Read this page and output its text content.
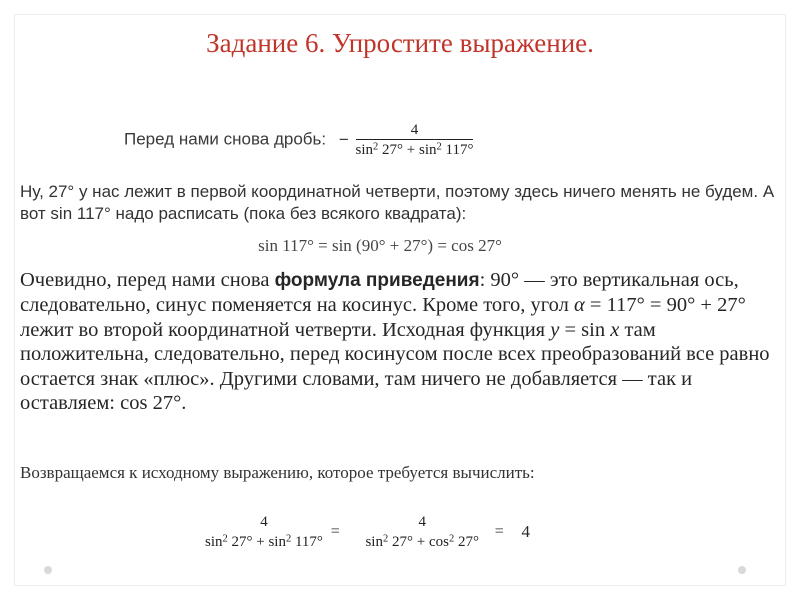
Задание 6. Упростите выражение.
Перед нами снова дробь: − $\frac{4}{\sin^2 27^\circ + \sin^2 117^\circ}$
Ну, 27° у нас лежит в первой координатной четверти, поэтому здесь ничего менять не будем. А вот sin 117° надо расписать (пока без всякого квадрата):
sin 117° = sin (90° + 27°) = cos 27°
Очевидно, перед нами снова формула приведения: 90° — это вертикальная ось, следовательно, синус поменяется на косинус. Кроме того, угол α = 117° = 90° + 27° лежит во второй координатной четверти. Исходная функция y = sin x там положительна, следовательно, перед косинусом после всех преобразований все равно остается знак «плюс». Другими словами, там ничего не добавляется — так и оставляем: cos 27°.
Возвращаемся к исходному выражению, которое требуется вычислить:
4
$\sin^2 27^\circ + \sin^2 117^\circ$
=
4
$\sin^2 27^\circ + \cos^2 27^\circ$
= 4
